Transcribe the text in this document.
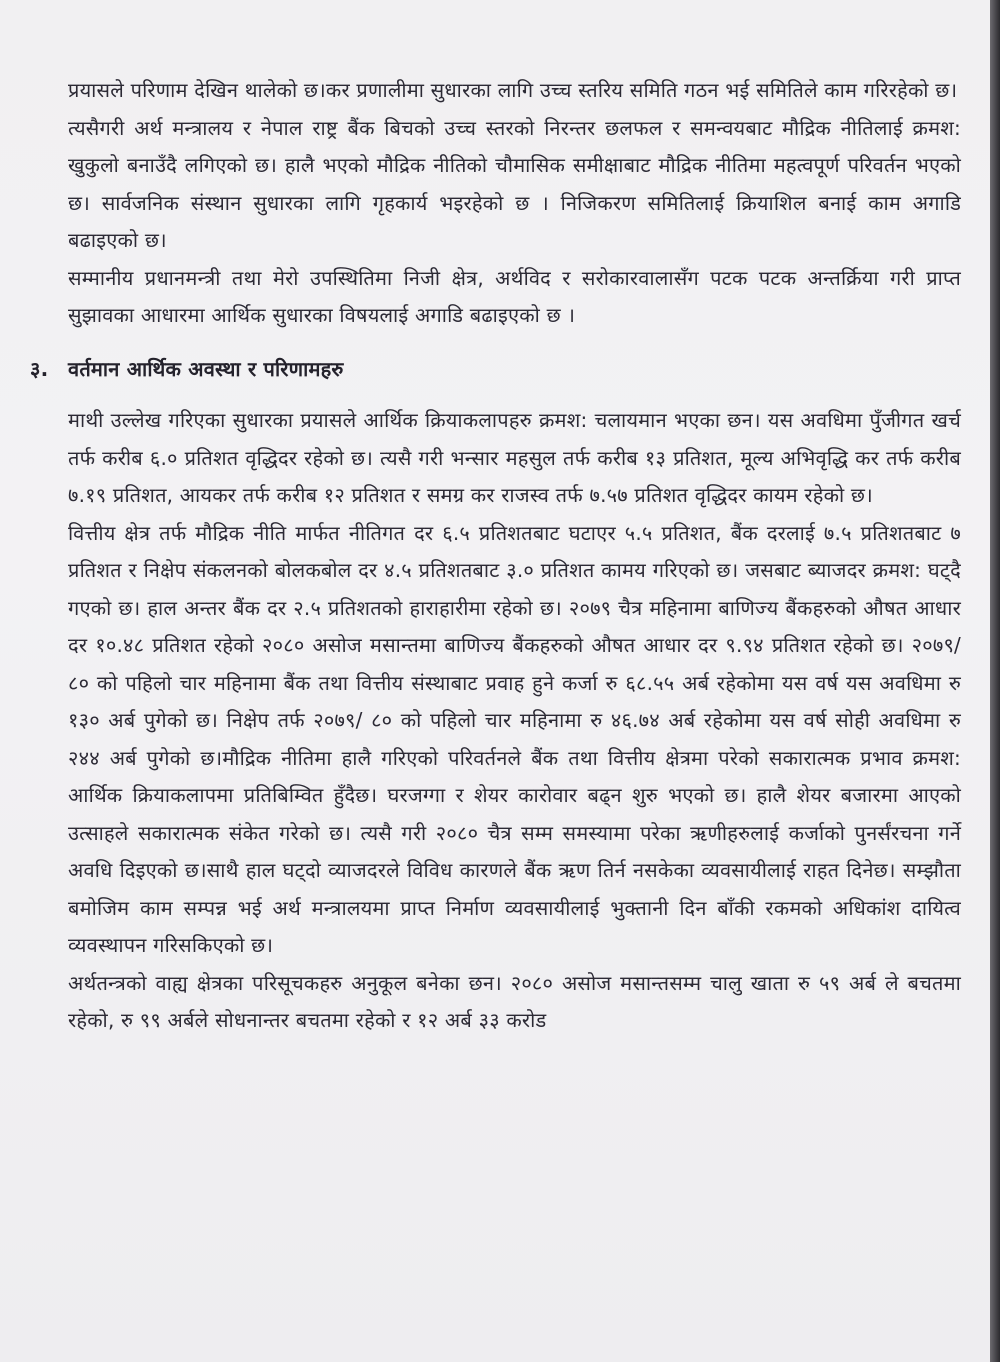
प्रयासले परिणाम देखिन थालेको छ।कर प्रणालीमा सुधारका लागि उच्च स्तरिय समिति गठन भई समितिले काम गरिरहेको छ।

त्यसैगरी अर्थ मन्त्रालय र नेपाल राष्ट्र बैंक बिचको उच्च स्तरको निरन्तर छलफल र समन्वयबाट मौद्रिक नीतिलाई क्रमश: खुकुलो बनाउँदै लगिएको छ। हालै भएको मौद्रिक नीतिको चौमासिक समीक्षाबाट मौद्रिक नीतिमा महत्वपूर्ण परिवर्तन भएको छ। सार्वजनिक संस्थान सुधारका लागि गृहकार्य भइरहेको छ । निजिकरण समितिलाई क्रियाशिल बनाई काम अगाडि बढाइएको छ।

सम्मानीय प्रधानमन्त्री तथा मेरो उपस्थितिमा निजी क्षेत्र, अर्थविद र सरोकारवालासँग पटक पटक अन्तर्क्रिया गरी प्राप्त सुझावका आधारमा आर्थिक सुधारका विषयलाई अगाडि बढाइएको छ ।

३. वर्तमान आर्थिक अवस्था र परिणामहरु

माथी उल्लेख गरिएका सुधारका प्रयासले आर्थिक क्रियाकलापहरु क्रमश: चलायमान भएका छन। यस अवधिमा पुँजीगत खर्च तर्फ करीब ६.० प्रतिशत वृद्धिदर रहेको छ। त्यसै गरी भन्सार महसुल तर्फ करीब १३ प्रतिशत, मूल्य अभिवृद्धि कर तर्फ करीब ७.१९ प्रतिशत, आयकर तर्फ करीब १२ प्रतिशत र समग्र कर राजस्व तर्फ ७.५७ प्रतिशत वृद्धिदर कायम रहेको छ।

वित्तीय क्षेत्र तर्फ मौद्रिक नीति मार्फत नीतिगत दर ६.५ प्रतिशतबाट घटाएर ५.५ प्रतिशत, बैंक दरलाई ७.५ प्रतिशतबाट ७ प्रतिशत र निक्षेप संकलनको बोलकबोल दर ४.५ प्रतिशतबाट ३.० प्रतिशत कामय गरिएको छ। जसबाट ब्याजदर क्रमश: घट्दै गएको छ। हाल अन्तर बैंक दर २.५ प्रतिशतको हाराहारीमा रहेको छ। २०७९ चैत्र महिनामा बाणिज्य बैंकहरुको औषत आधार दर १०.४८ प्रतिशत रहेको २०८० असोज मसान्तमा बाणिज्य बैंकहरुको औषत आधार दर ९.९४ प्रतिशत रहेको छ। २०७९/ ८० को पहिलो चार महिनामा बैंक तथा वित्तीय संस्थाबाट प्रवाह हुने कर्जा रु ६८.५५ अर्ब रहेकोमा यस वर्ष यस अवधिमा रु १३० अर्ब पुगेको छ। निक्षेप तर्फ २०७९/ ८० को पहिलो चार महिनामा रु ४६.७४ अर्ब रहेकोमा यस वर्ष सोही अवधिमा रु २४४ अर्ब पुगेको छ।मौद्रिक नीतिमा हालै गरिएको परिवर्तनले बैंक तथा वित्तीय क्षेत्रमा परेको सकारात्मक प्रभाव क्रमश: आर्थिक क्रियाकलापमा प्रतिबिम्वित हुँदैछ। घरजग्गा र शेयर कारोवार बढ्न शुरु भएको छ। हालै शेयर बजारमा आएको उत्साहले सकारात्मक संकेत गरेको छ। त्यसै गरी २०८० चैत्र सम्म समस्यामा परेका ऋणीहरुलाई कर्जाको पुनर्संरचना गर्ने अवधि दिइएको छ।साथै हाल घट्दो व्याजदरले विविध कारणले बैंक ऋण तिर्न नसकेका व्यवसायीलाई राहत दिनेछ। सम्झौता बमोजिम काम सम्पन्न भई अर्थ मन्त्रालयमा प्राप्त निर्माण व्यवसायीलाई भुक्तानी दिन बाँकी रकमको अधिकांश दायित्व व्यवस्थापन गरिसकिएको छ।

अर्थतन्त्रको वाह्य क्षेत्रका परिसूचकहरु अनुकूल बनेका छन। २०८० असोज मसान्तसम्म चालु खाता रु ५९ अर्ब ले बचतमा रहेको, रु ९९ अर्बले सोधनान्तर बचतमा रहेको र १२ अर्ब ३३ करोड
